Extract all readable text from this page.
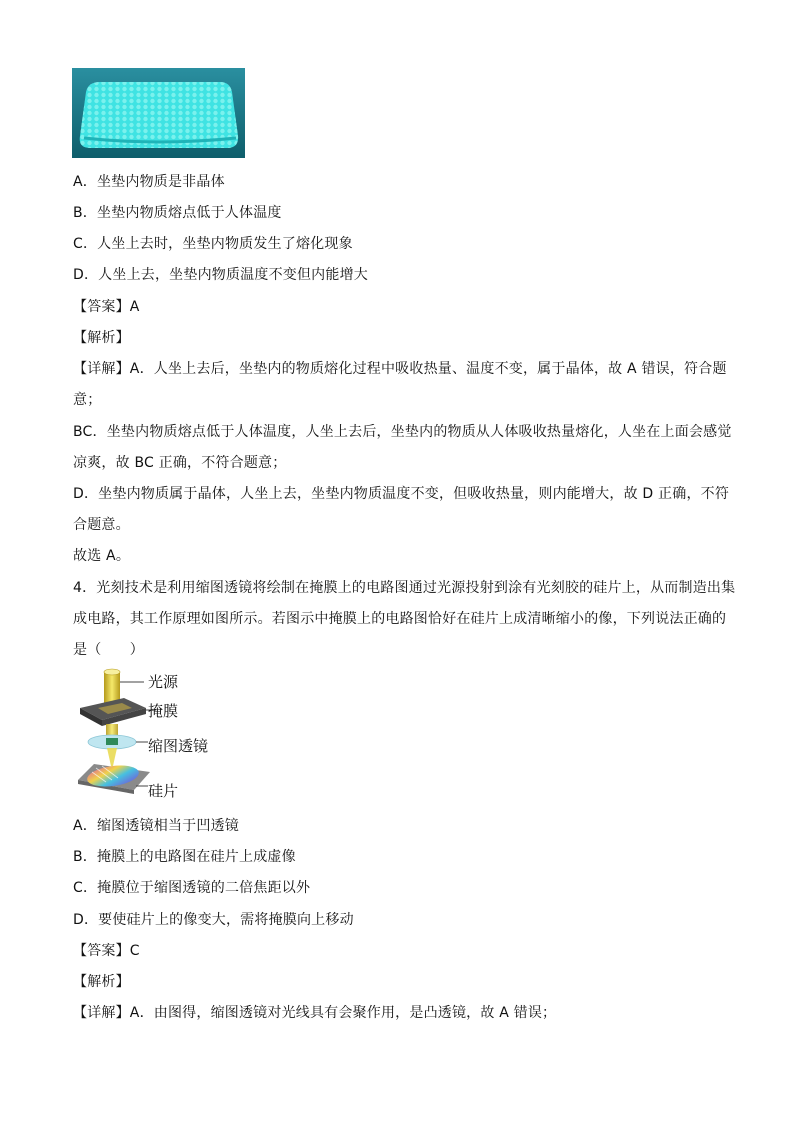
A．坐垫内物质是非晶体
B．坐垫内物质熔点低于人体温度
C．人坐上去时，坐垫内物质发生了熔化现象
D．人坐上去，坐垫内物质温度不变但内能增大
【答案】A
【解析】
【详解】A．人坐上去后，坐垫内的物质熔化过程中吸收热量、温度不变，属于晶体，故 A 错误，符合题
意；
BC．坐垫内物质熔点低于人体温度，人坐上去后，坐垫内的物质从人体吸收热量熔化，人坐在上面会感觉
凉爽，故 BC 正确，不符合题意；
D．坐垫内物质属于晶体，人坐上去，坐垫内物质温度不变，但吸收热量，则内能增大，故 D 正确，不符
合题意。
故选 A。
4．光刻技术是利用缩图透镜将绘制在掩膜上的电路图通过光源投射到涂有光刻胶的硅片上，从而制造出集
成电路，其工作原理如图所示。若图示中掩膜上的电路图恰好在硅片上成清晰缩小的像，下列说法正确的
是（　　）
光源
掩膜
缩图透镜
硅片
A．缩图透镜相当于凹透镜
B．掩膜上的电路图在硅片上成虚像
C．掩膜位于缩图透镜的二倍焦距以外
D．要使硅片上的像变大，需将掩膜向上移动
【答案】C
【解析】
【详解】A．由图得，缩图透镜对光线具有会聚作用，是凸透镜，故 A 错误；
